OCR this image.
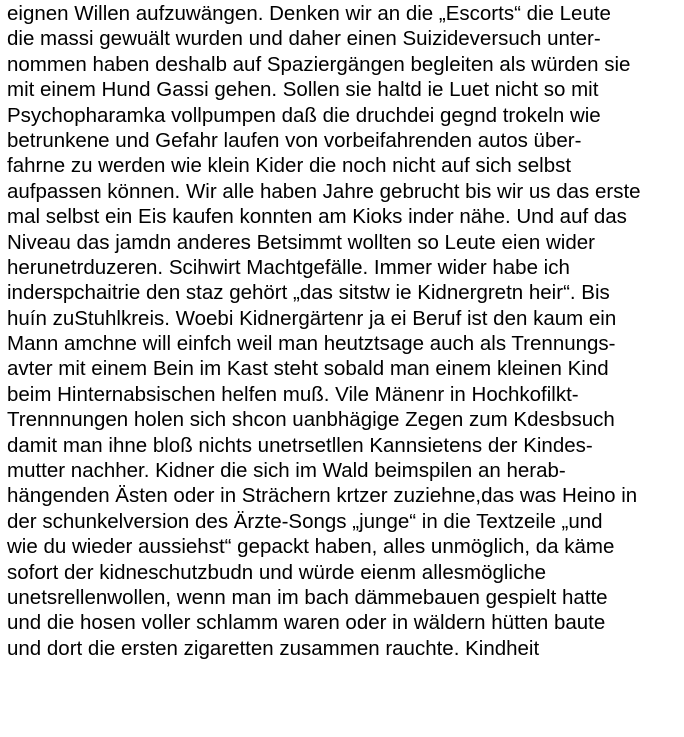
eignen Willen aufzuwängen. Denken wir an die „Escorts“ die Leute
die massi gewuält wurden und daher einen Suizideversuch unter-
nommen haben deshalb auf Spaziergängen begleiten als würden sie
mit einem Hund Gassi gehen. Sollen sie haltd ie Luet nicht so mit
Psychopharamka vollpumpen daß die druchdei gegnd trokeln wie
betrunkene und Gefahr laufen von vorbeifahrenden autos über-
fahrne zu werden wie klein Kider die noch nicht auf sich selbst
aufpassen können. Wir alle haben Jahre gebrucht bis wir us das erste
mal selbst ein Eis kaufen konnten am Kioks inder nähe. Und auf das
Niveau das jamdn anderes Betsimmt wollten so Leute eien wider
herunetrduzeren. Scihwirt Machtgefälle. Immer wider habe ich
inderspchaitrie den staz gehört „das sitstw ie Kidnergretn heir“. Bis
huín zuStuhlkreis. Woebi Kidnergärtenr ja ei Beruf ist den kaum ein
Mann amchne will einfch weil man heutztsage auch als Trennungs-
avter mit einem Bein im Kast steht sobald man einem kleinen Kind
beim Hinternabsischen helfen muß. Vile Mänenr in Hochkofilkt-
Trennnungen holen sich shcon uanbhägige Zegen zum Kdesbsuch
damit man ihne bloß nichts unetrsetllen Kannsietens der Kindes-
mutter nachher. Kidner die sich im Wald beimspilen an herab-
hängenden Ästen oder in Strächern krtzer zuziehne,das was Heino in
der schunkelversion des Ärzte-Songs „junge“ in die Textzeile „und
wie du wieder aussiehst“ gepackt haben, alles unmöglich, da käme
sofort der kidneschutzbudn und würde eienm allesmögliche
unetsrellenwollen, wenn man im bach dämmebauen gespielt hatte
und die hosen voller schlamm waren oder in wäldern hütten baute
und dort die ersten zigaretten zusammen rauchte. Kindheit
